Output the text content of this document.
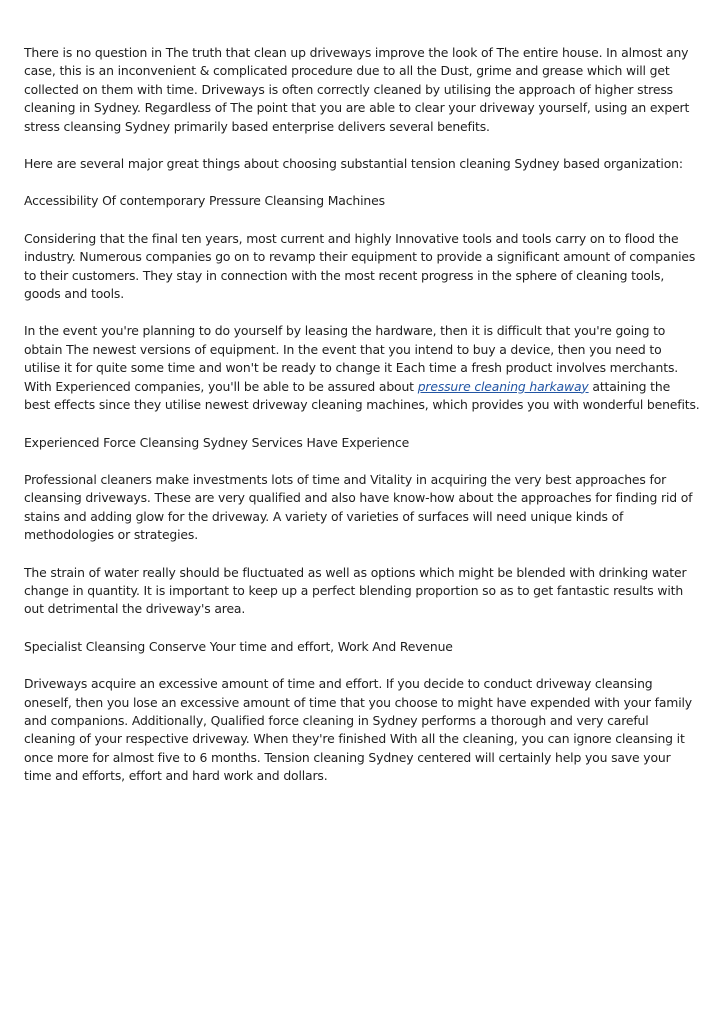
There is no question in The truth that clean up driveways improve the look of The entire house. In almost any case, this is an inconvenient & complicated procedure due to all the Dust, grime and grease which will get collected on them with time. Driveways is often correctly cleaned by utilising the approach of higher stress cleaning in Sydney. Regardless of The point that you are able to clear your driveway yourself, using an expert stress cleansing Sydney primarily based enterprise delivers several benefits.

Here are several major great things about choosing substantial tension cleaning Sydney based organization:

Accessibility Of contemporary Pressure Cleansing Machines

Considering that the final ten years, most current and highly Innovative tools and tools carry on to flood the industry. Numerous companies go on to revamp their equipment to provide a significant amount of companies to their customers. They stay in connection with the most recent progress in the sphere of cleaning tools, goods and tools.

In the event you're planning to do yourself by leasing the hardware, then it is difficult that you're going to obtain The newest versions of equipment. In the event that you intend to buy a device, then you need to utilise it for quite some time and won't be ready to change it Each time a fresh product involves merchants. With Experienced companies, you'll be able to be assured about pressure cleaning harkaway attaining the best effects since they utilise newest driveway cleaning machines, which provides you with wonderful benefits.

Experienced Force Cleansing Sydney Services Have Experience

Professional cleaners make investments lots of time and Vitality in acquiring the very best approaches for cleansing driveways. These are very qualified and also have know-how about the approaches for finding rid of stains and adding glow for the driveway. A variety of varieties of surfaces will need unique kinds of methodologies or strategies.

The strain of water really should be fluctuated as well as options which might be blended with drinking water change in quantity. It is important to keep up a perfect blending proportion so as to get fantastic results with out detrimental the driveway's area.

Specialist Cleansing Conserve Your time and effort, Work And Revenue

Driveways acquire an excessive amount of time and effort. If you decide to conduct driveway cleansing oneself, then you lose an excessive amount of time that you choose to might have expended with your family and companions. Additionally, Qualified force cleaning in Sydney performs a thorough and very careful cleaning of your respective driveway. When they're finished With all the cleaning, you can ignore cleansing it once more for almost five to 6 months. Tension cleaning Sydney centered will certainly help you save your time and efforts, effort and hard work and dollars.
